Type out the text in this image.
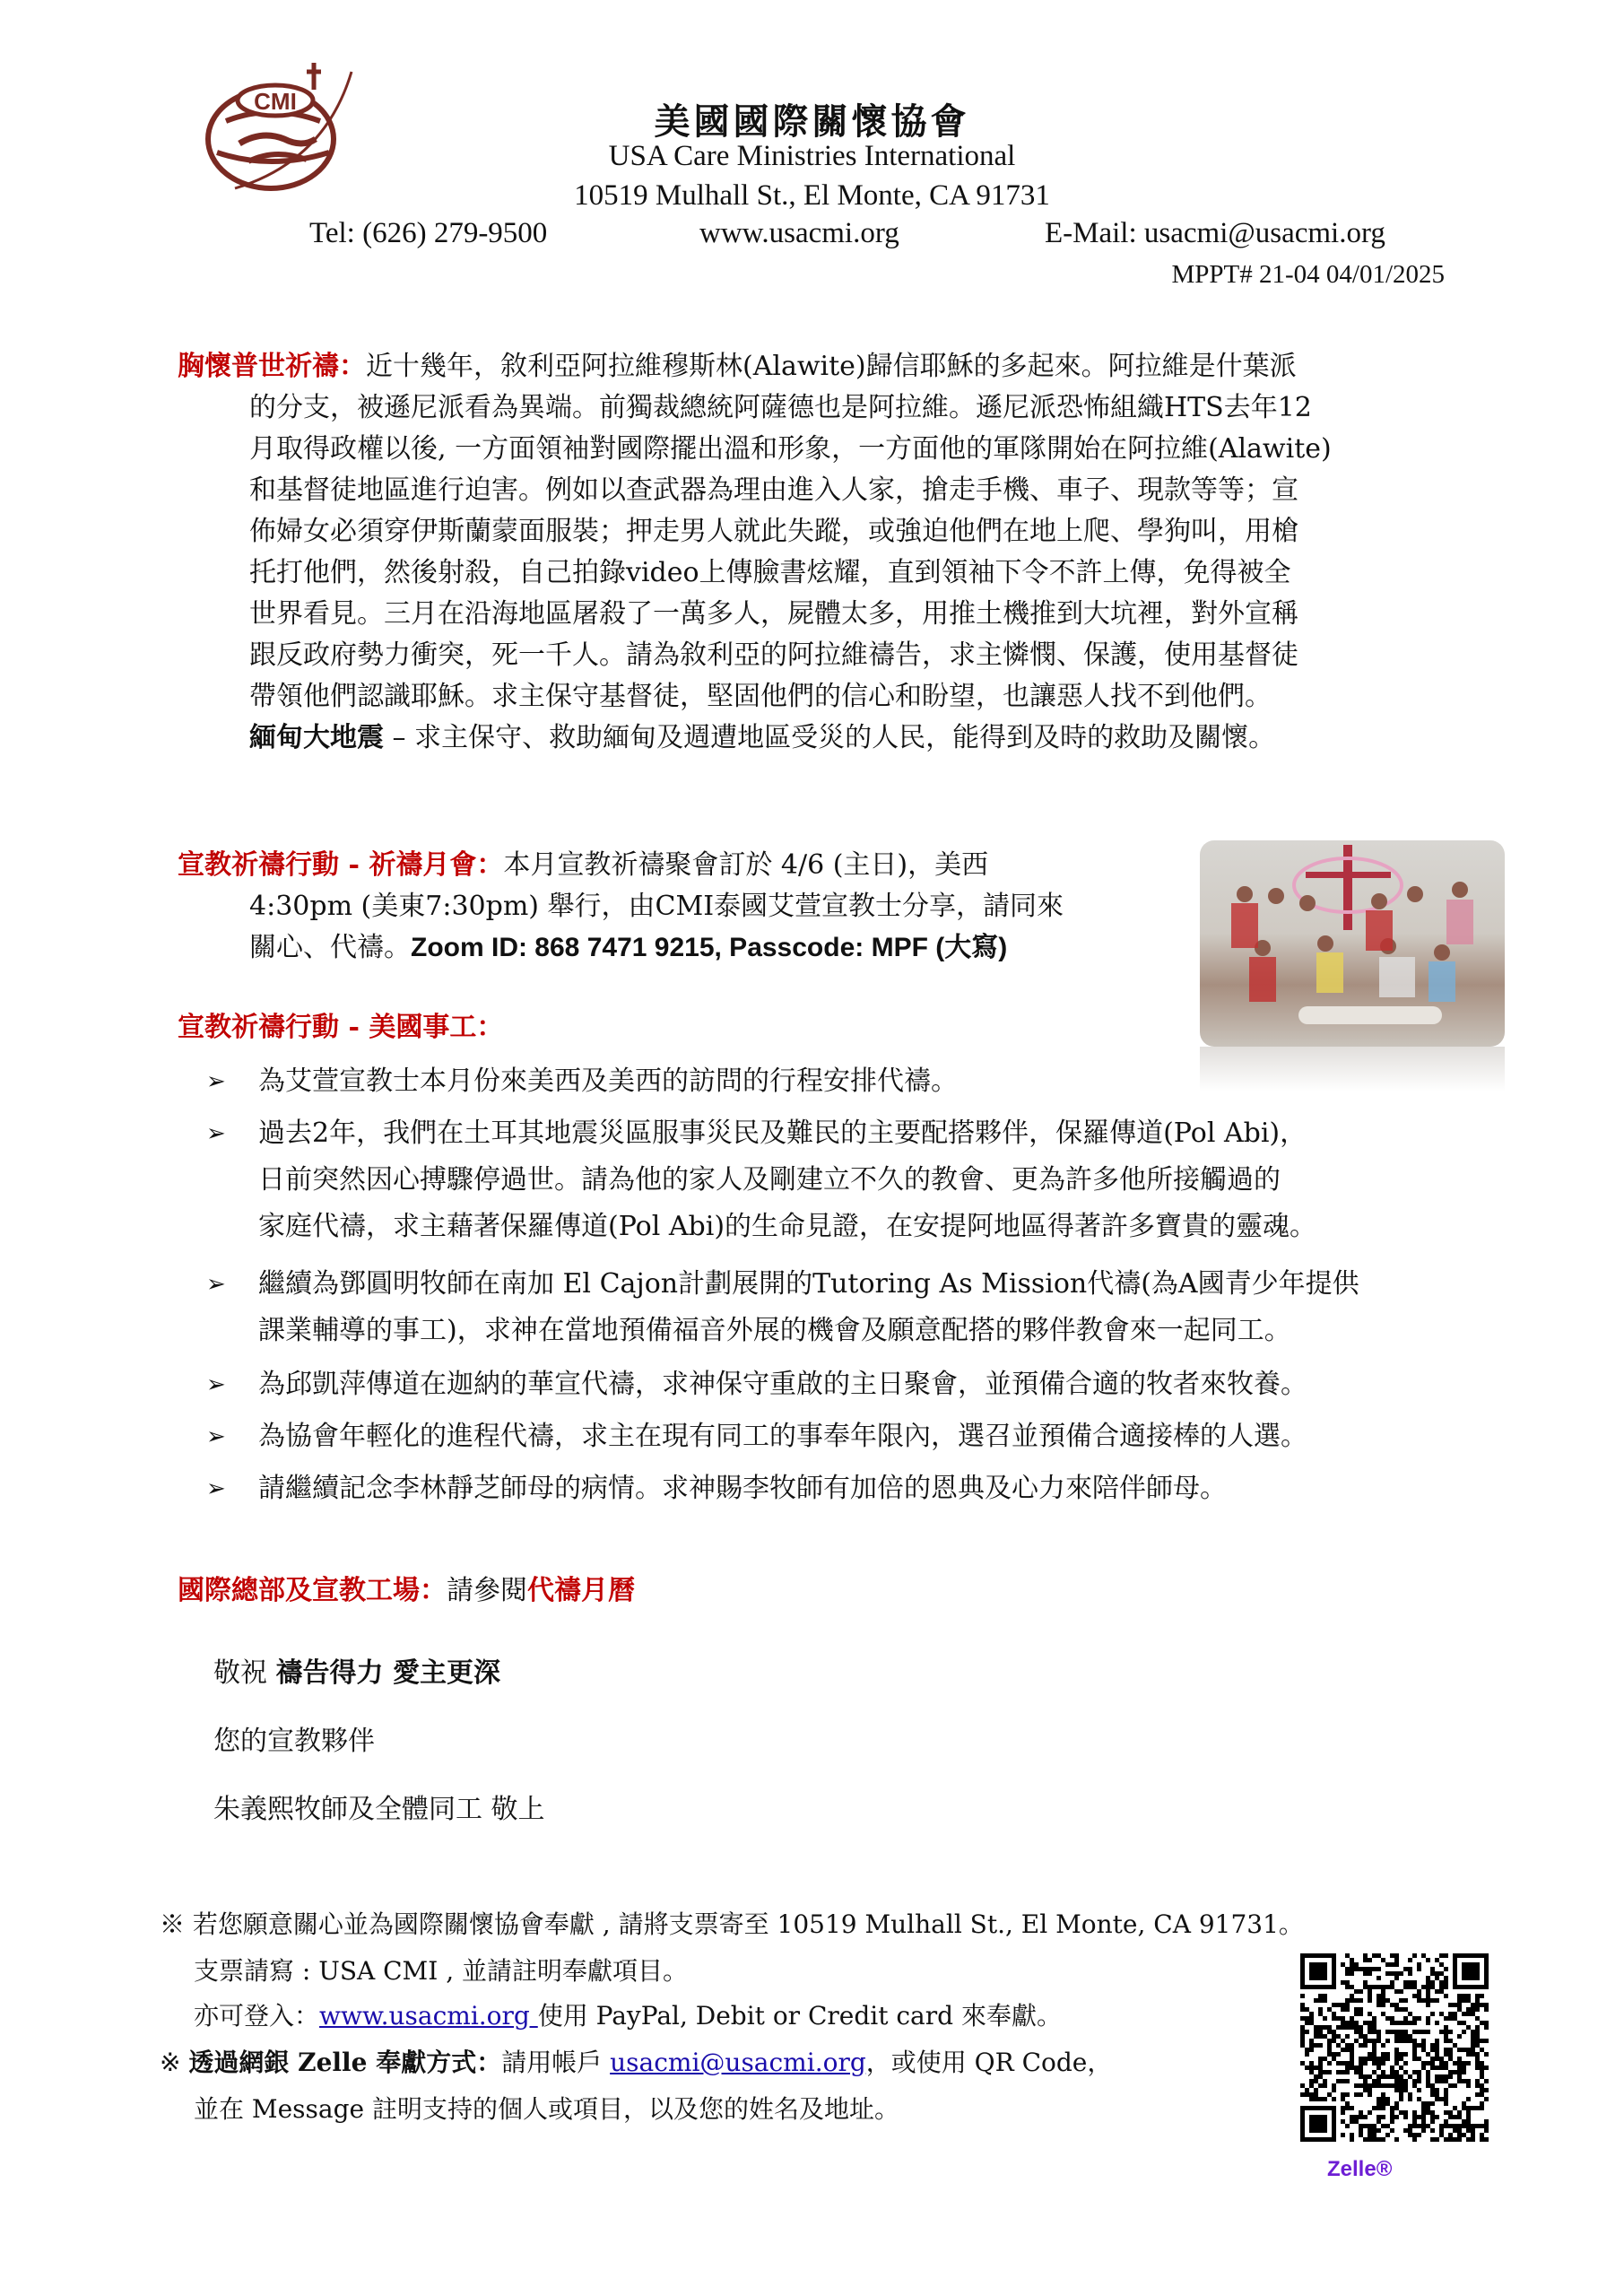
CMI	美國國際關懷協會
USA Care Ministries International
10519 Mulhall St., El Monte, CA 91731
Tel: (626) 279-9500	www.usacmi.org	E-Mail: usacmi@usacmi.org
MPPT# 21-04 04/01/2025
胸懷普世祈禱：近十幾年，敘利亞阿拉維穆斯林(Alawite)歸信耶穌的多起來。阿拉維是什葉派
的分支，被遜尼派看為異端。前獨裁總統阿薩德也是阿拉維。遜尼派恐怖組織HTS去年12
月取得政權以後, 一方面領袖對國際擺出溫和形象，一方面他的軍隊開始在阿拉維(Alawite)
和基督徒地區進行迫害。例如以查武器為理由進入人家，搶走手機、車子、現款等等；宣
佈婦女必須穿伊斯蘭蒙面服裝；押走男人就此失蹤，或強迫他們在地上爬、學狗叫，用槍
托打他們，然後射殺，自己拍錄video上傳臉書炫耀，直到領袖下令不許上傳，免得被全
世界看見。三月在沿海地區屠殺了一萬多人，屍體太多，用推土機推到大坑裡，對外宣稱
跟反政府勢力衝突，死一千人。請為敘利亞的阿拉維禱告，求主憐憫、保護，使用基督徒
帶領他們認識耶穌。求主保守基督徒，堅固他們的信心和盼望，也讓惡人找不到他們。
緬甸大地震 – 求主保守、救助緬甸及週遭地區受災的人民，能得到及時的救助及關懷。
宣教祈禱行動 - 祈禱月會：本月宣教祈禱聚會訂於 4/6 (主日)，美西
4:30pm (美東7:30pm) 舉行，由CMI泰國艾萱宣教士分享，請同來
關心、代禱。Zoom ID: 868 7471 9215, Passcode: MPF (大寫)
宣教祈禱行動 - 美國事工：
➢	為艾萱宣教士本月份來美西及美西的訪問的行程安排代禱。
➢	過去2年，我們在土耳其地震災區服事災民及難民的主要配搭夥伴，保羅傳道(Pol Abi)，
日前突然因心搏驟停過世。請為他的家人及剛建立不久的教會、更為許多他所接觸過的
家庭代禱，求主藉著保羅傳道(Pol Abi)的生命見證，在安提阿地區得著許多寶貴的靈魂。
➢	繼續為鄧圓明牧師在南加 El Cajon計劃展開的Tutoring As Mission代禱(為A國青少年提供
課業輔導的事工)，求神在當地預備福音外展的機會及願意配搭的夥伴教會來一起同工。
➢	為邱凱萍傳道在迦納的華宣代禱，求神保守重啟的主日聚會，並預備合適的牧者來牧養。
➢	為協會年輕化的進程代禱，求主在現有同工的事奉年限內，選召並預備合適接棒的人選。
➢	請繼續記念李林靜芝師母的病情。求神賜李牧師有加倍的恩典及心力來陪伴師母。
國際總部及宣教工場：請參閱代禱月曆
敬祝 禱告得力 愛主更深
您的宣教夥伴
朱義熙牧師及全體同工 敬上
※ 若您願意關心並為國際關懷協會奉獻 , 請將支票寄至 10519 Mulhall St., El Monte, CA 91731。
支票請寫 : USA CMI , 並請註明奉獻項目。
亦可登入：www.usacmi.org 使用 PayPal, Debit or Credit card 來奉獻。
※ 透過網銀 Zelle 奉獻方式：請用帳戶 usacmi@usacmi.org，或使用 QR Code，
並在 Message 註明支持的個人或項目，以及您的姓名及地址。
Zelle®
